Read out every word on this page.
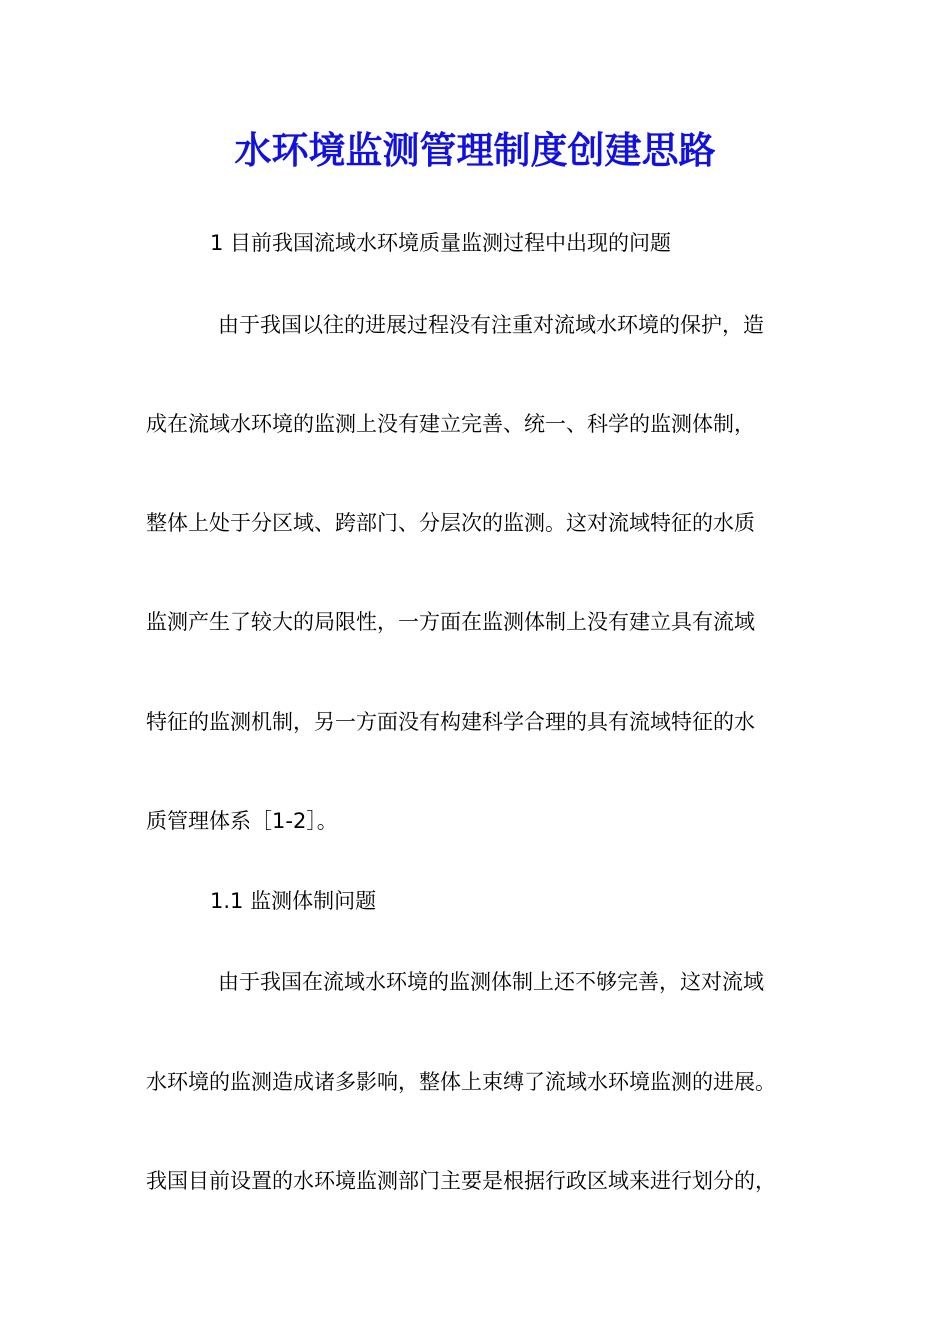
水环境监测管理制度创建思路

1 目前我国流域水环境质量监测过程中出现的问题

由于我国以往的进展过程没有注重对流域水环境的保护，造

成在流域水环境的监测上没有建立完善、统一、科学的监测体制，

整体上处于分区域、跨部门、分层次的监测。这对流域特征的水质

监测产生了较大的局限性，一方面在监测体制上没有建立具有流域

特征的监测机制，另一方面没有构建科学合理的具有流域特征的水

质管理体系［1-2］。

1.1 监测体制问题

由于我国在流域水环境的监测体制上还不够完善，这对流域

水环境的监测造成诸多影响，整体上束缚了流域水环境监测的进展。

我国目前设置的水环境监测部门主要是根据行政区域来进行划分的，
